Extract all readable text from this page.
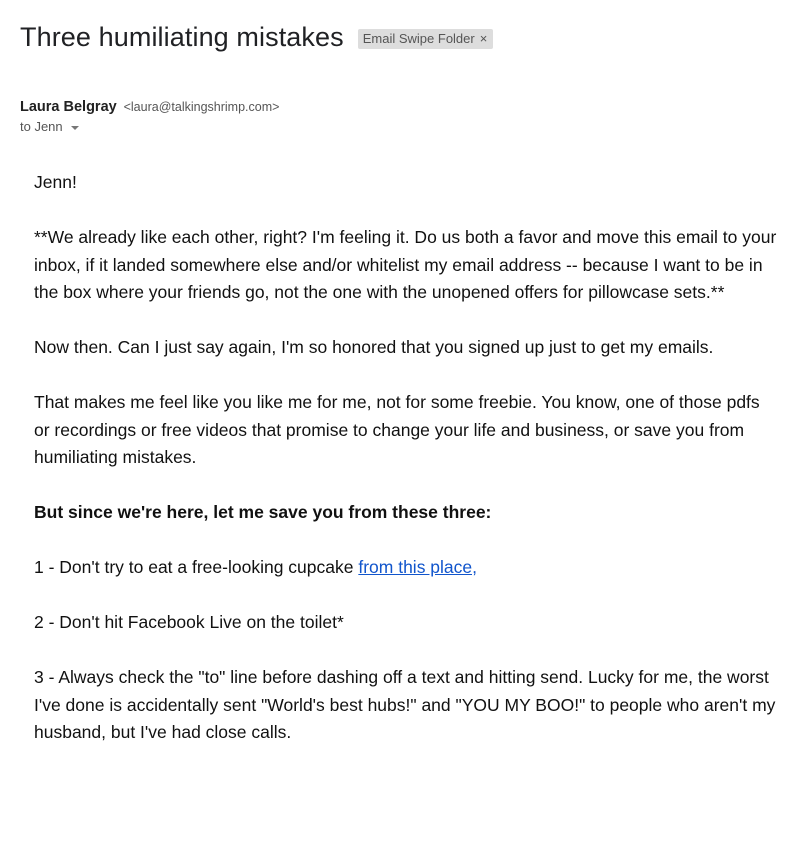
Three humiliating mistakes Email Swipe Folder ×
Laura Belgray <laura@talkingshrimp.com>
to Jenn

Jenn!

**We already like each other, right? I'm feeling it. Do us both a favor and move this email to your inbox, if it landed somewhere else and/or whitelist my email address -- because I want to be in the box where your friends go, not the one with the unopened offers for pillowcase sets.**

Now then. Can I just say again, I'm so honored that you signed up just to get my emails.

That makes me feel like you like me for me, not for some freebie. You know, one of those pdfs or recordings or free videos that promise to change your life and business, or save you from humiliating mistakes.

But since we're here, let me save you from these three:

1 - Don't try to eat a free-looking cupcake from this place,

2 - Don't hit Facebook Live on the toilet*

3 - Always check the "to" line before dashing off a text and hitting send. Lucky for me, the worst I've done is accidentally sent "World's best hubs!" and "YOU MY BOO!" to people who aren't my husband, but I've had close calls.
